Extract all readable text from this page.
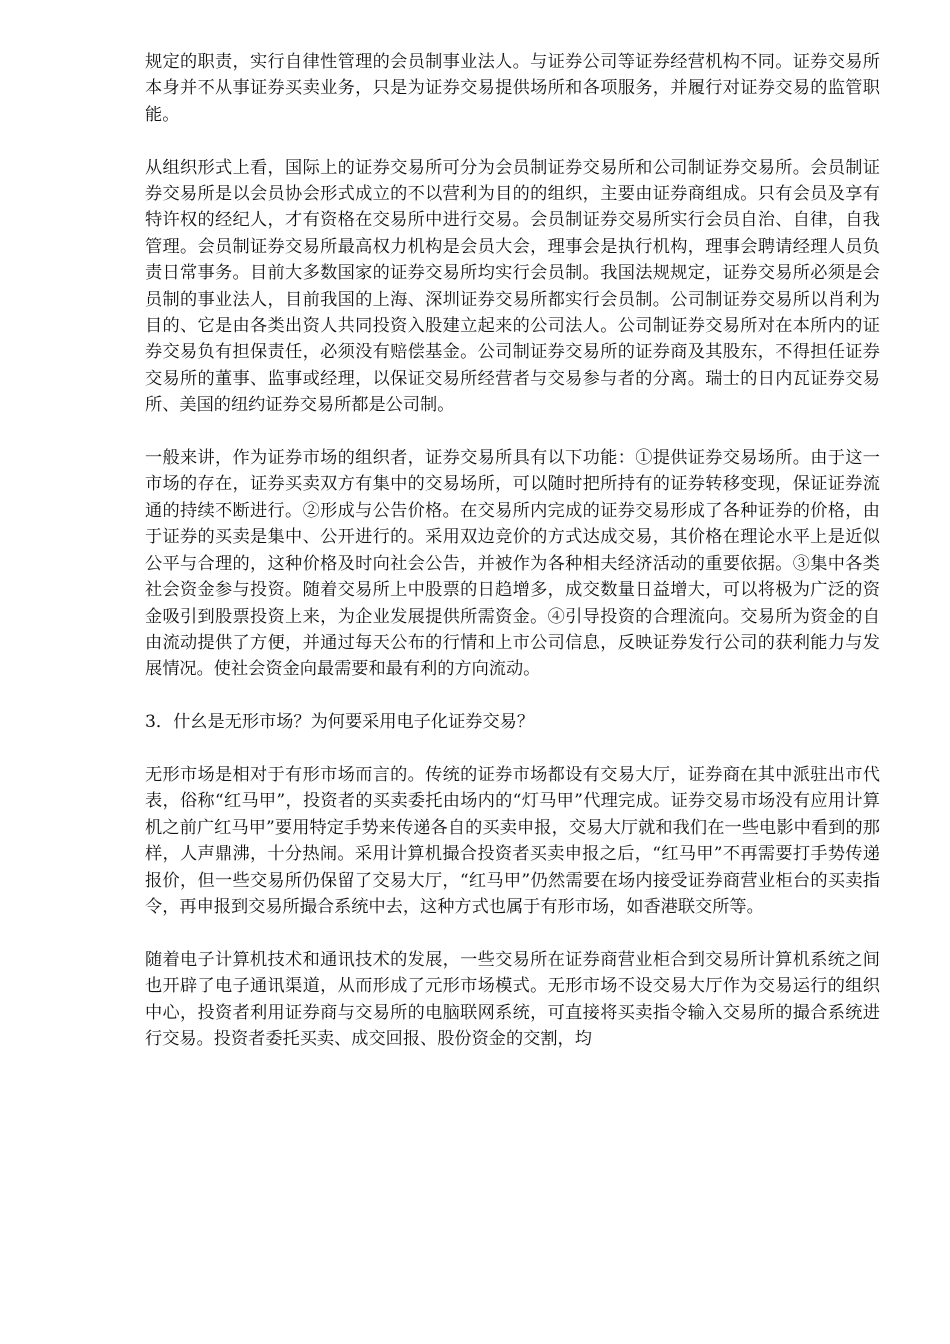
规定的职责，实行自律性管理的会员制事业法人。与证券公司等证券经营机构不同。证券交易所本身并不从事证券买卖业务，只是为证券交易提供场所和各项服务，并履行对证券交易的监管职能。

从组织形式上看，国际上的证券交易所可分为会员制证券交易所和公司制证券交易所。会员制证券交易所是以会员协会形式成立的不以营利为目的的组织，主要由证券商组成。只有会员及享有特许权的经纪人，才有资格在交易所中进行交易。会员制证券交易所实行会员自治、自律，自我管理。会员制证券交易所最高权力机构是会员大会，理事会是执行机构，理事会聘请经理人员负责日常事务。目前大多数国家的证券交易所均实行会员制。我国法规规定，证券交易所必须是会员制的事业法人，目前我国的上海、深圳证券交易所都实行会员制。公司制证券交易所以肖利为目的、它是由各类出资人共同投资入股建立起来的公司法人。公司制证券交易所对在本所内的证券交易负有担保责任，必须没有赔偿基金。公司制证券交易所的证券商及其股东，不得担任证券交易所的董事、监事或经理，以保证交易所经营者与交易参与者的分离。瑞士的日内瓦证券交易所、美国的纽约证券交易所都是公司制。

一般来讲，作为证券市场的组织者，证券交易所具有以下功能：①提供证券交易场所。由于这一市场的存在，证券买卖双方有集中的交易场所，可以随时把所持有的证券转移变现，保证证券流通的持续不断进行。②形成与公告价格。在交易所内完成的证券交易形成了各种证券的价格，由于证券的买卖是集中、公开进行的。采用双边竞价的方式达成交易，其价格在理论水平上是近似公平与合理的，这种价格及时向社会公告，并被作为各种相夫经济活动的重要依据。③集中各类社会资金参与投资。随着交易所上中股票的日趋增多，成交数量日益增大，可以将极为广泛的资金吸引到股票投资上来，为企业发展提供所需资金。④引导投资的合理流向。交易所为资金的自由流动提供了方便，并通过每天公布的行情和上市公司信息，反映证券发行公司的获利能力与发展情况。使社会资金向最需要和最有利的方向流动。

3．什幺是无形市场？为何要采用电子化证券交易？

无形市场是相对于有形市场而言的。传统的证券市场都设有交易大厅，证券商在其中派驻出市代表，俗称“红马甲”，投资者的买卖委托由场内的“灯马甲”代理完成。证券交易市场没有应用计算机之前广红马甲”要用特定手势来传递各自的买卖申报，交易大厅就和我们在一些电影中看到的那样，人声鼎沸，十分热闹。采用计算机撮合投资者买卖申报之后，“红马甲”不再需要打手势传递报价，但一些交易所仍保留了交易大厅，“红马甲”仍然需要在场内接受证券商营业柜台的买卖指令，再申报到交易所撮合系统中去，这种方式也属于有形市场，如香港联交所等。

随着电子计算机技术和通讯技术的发展，一些交易所在证券商营业柜合到交易所计算机系统之间也开辟了电子通讯渠道，从而形成了元形市场模式。无形市场不设交易大厅作为交易运行的组织中心，投资者利用证券商与交易所的电脑联网系统，可直接将买卖指令输入交易所的撮合系统进行交易。投资者委托买卖、成交回报、股份资金的交割，均
